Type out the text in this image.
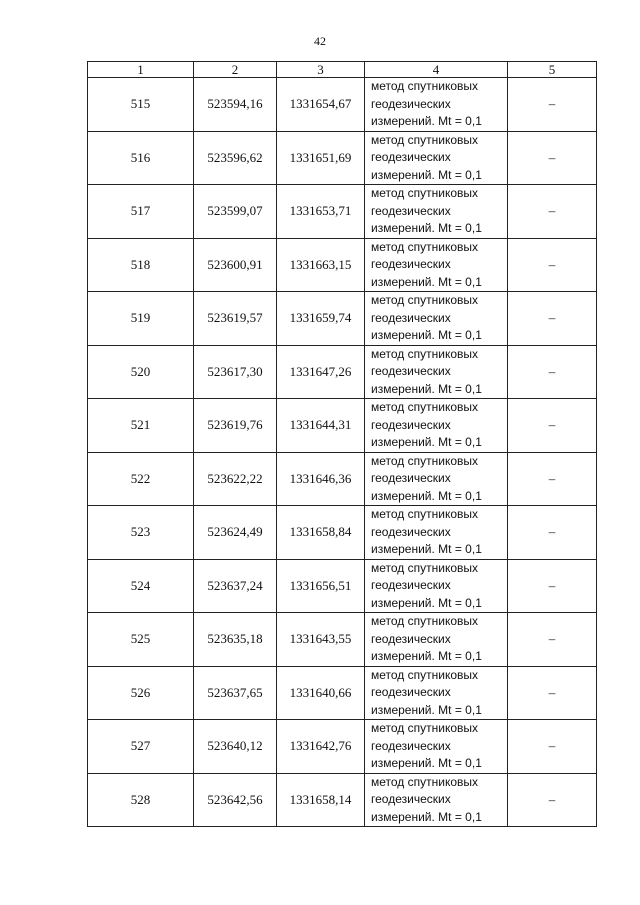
42
1	2	3	4	5
515	523594,16	1331654,67	метод спутниковых
геодезических
измерений. Mt = 0,1	–
516	523596,62	1331651,69	метод спутниковых
геодезических
измерений. Mt = 0,1	–
517	523599,07	1331653,71	метод спутниковых
геодезических
измерений. Mt = 0,1	–
518	523600,91	1331663,15	метод спутниковых
геодезических
измерений. Mt = 0,1	–
519	523619,57	1331659,74	метод спутниковых
геодезических
измерений. Mt = 0,1	–
520	523617,30	1331647,26	метод спутниковых
геодезических
измерений. Mt = 0,1	–
521	523619,76	1331644,31	метод спутниковых
геодезических
измерений. Mt = 0,1	–
522	523622,22	1331646,36	метод спутниковых
геодезических
измерений. Mt = 0,1	–
523	523624,49	1331658,84	метод спутниковых
геодезических
измерений. Mt = 0,1	–
524	523637,24	1331656,51	метод спутниковых
геодезических
измерений. Mt = 0,1	–
525	523635,18	1331643,55	метод спутниковых
геодезических
измерений. Mt = 0,1	–
526	523637,65	1331640,66	метод спутниковых
геодезических
измерений. Mt = 0,1	–
527	523640,12	1331642,76	метод спутниковых
геодезических
измерений. Mt = 0,1	–
528	523642,56	1331658,14	метод спутниковых
геодезических
измерений. Mt = 0,1	–
